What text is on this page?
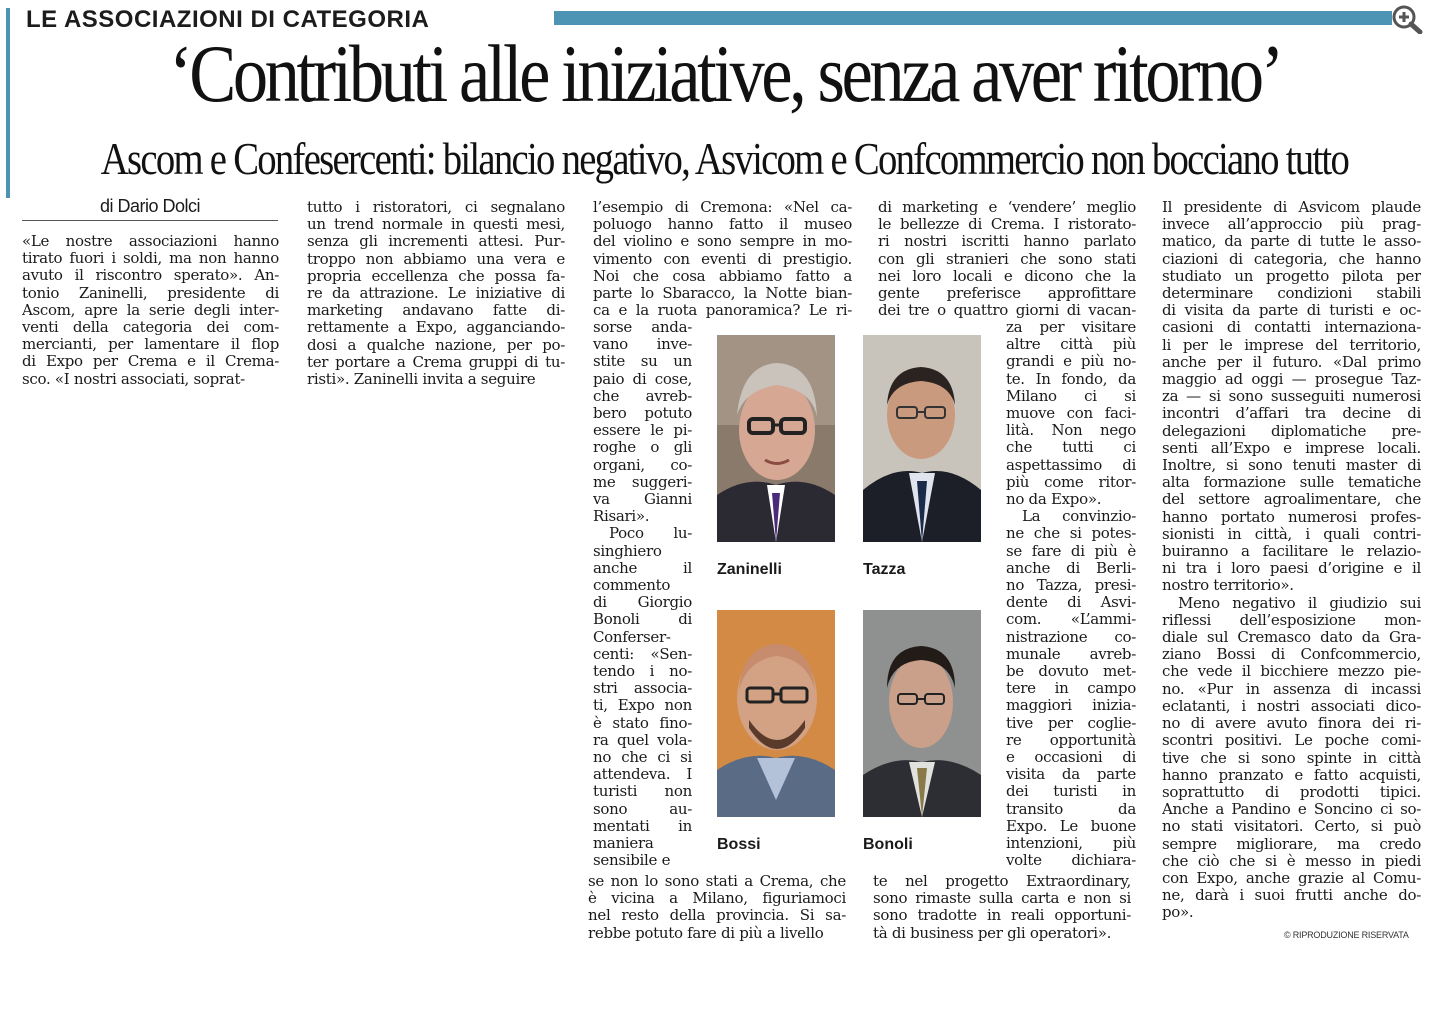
LE ASSOCIAZIONI DI CATEGORIA
‘Contributi alle iniziative, senza aver ritorno’
Ascom e Confesercenti: bilancio negativo, Asvicom e Confcommercio non bocciano tutto
di Dario Dolci
«Le nostre associazioni hanno
tirato fuori i soldi, ma non hanno
avuto il riscontro sperato». An-
tonio Zaninelli, presidente di
Ascom, apre la serie degli inter-
venti della categoria dei com-
mercianti, per lamentare il flop
di Expo per Crema e il Crema-
sco. «I nostri associati, soprat-
tutto i ristoratori, ci segnalano
un trend normale in questi mesi,
senza gli incrementi attesi. Pur-
troppo non abbiamo una vera e
propria eccellenza che possa fa-
re da attrazione. Le iniziative di
marketing andavano fatte di-
rettamente a Expo, agganciando-
dosi a qualche nazione, per po-
ter portare a Crema gruppi di tu-
risti». Zaninelli invita a seguire
l’esempio di Cremona: «Nel ca-
poluogo hanno fatto il museo
del violino e sono sempre in mo-
vimento con eventi di prestigio.
Noi che cosa abbiamo fatto a
parte lo Sbaracco, la Notte bian-
ca e la ruota panoramica? Le ri-
sorse anda-
vano inve-
stite su un
paio di cose,
che avreb-
bero potuto
essere le pi-
roghe o gli
organi, co-
me suggeri-
va Gianni
Risari».
Poco lu-
singhiero
anche il
commento
di Giorgio
Bonoli di
Conferser-
centi: «Sen-
tendo i no-
stri associa-
ti, Expo non
è stato fino-
ra quel vola-
no che ci si
attendeva. I
turisti non
sono au-
mentati in
maniera
sensibile e
se non lo sono stati a Crema, che
è vicina a Milano, figuriamoci
nel resto della provincia. Si sa-
rebbe potuto fare di più a livello
di marketing e ‘vendere’ meglio
le bellezze di Crema. I ristorato-
ri nostri iscritti hanno parlato
con gli stranieri che sono stati
nei loro locali e dicono che la
gente preferisce approfittare
dei tre o quattro giorni di vacan-
za per visitare
altre città più
grandi e più no-
te. In fondo, da
Milano ci si
muove con faci-
lità. Non nego
che tutti ci
aspettassimo di
più come ritor-
no da Expo».
La convinzio-
ne che si potes-
se fare di più è
anche di Berli-
no Tazza, presi-
dente di Asvi-
com. «L’ammi-
nistrazione co-
munale avreb-
be dovuto met-
tere in campo
maggiori inizia-
tive per coglie-
re opportunità
e occasioni di
visita da parte
dei turisti in
transito da
Expo. Le buone
intenzioni, più
volte dichiara-
te nel progetto Extraordinary,
sono rimaste sulla carta e non si
sono tradotte in reali opportuni-
tà di business per gli operatori».
Il presidente di Asvicom plaude
invece all’approccio più prag-
matico, da parte di tutte le asso-
ciazioni di categoria, che hanno
studiato un progetto pilota per
determinare condizioni stabili
di visita da parte di turisti e oc-
casioni di contatti internaziona-
li per le imprese del territorio,
anche per il futuro. «Dal primo
maggio ad oggi — prosegue Taz-
za — si sono susseguiti numerosi
incontri d’affari tra decine di
delegazioni diplomatiche pre-
senti all’Expo e imprese locali.
Inoltre, si sono tenuti master di
alta formazione sulle tematiche
del settore agroalimentare, che
hanno portato numerosi profes-
sionisti in città, i quali contri-
buiranno a facilitare le relazio-
ni tra i loro paesi d’origine e il
nostro territorio».
Meno negativo il giudizio sui
riflessi dell’esposizione mon-
diale sul Cremasco dato da Gra-
ziano Bossi di Confcommercio,
che vede il bicchiere mezzo pie-
no. «Pur in assenza di incassi
eclatanti, i nostri associati dico-
no di avere avuto finora dei ri-
scontri positivi. Le poche comi-
tive che si sono spinte in città
hanno pranzato e fatto acquisti,
soprattutto di prodotti tipici.
Anche a Pandino e Soncino ci so-
no stati visitatori. Certo, si può
sempre migliorare, ma credo
che ciò che si è messo in piedi
con Expo, anche grazie al Comu-
ne, darà i suoi frutti anche do-
po».
Zaninelli	Tazza
Bossi	Bonoli
© RIPRODUZIONE RISERVATA
